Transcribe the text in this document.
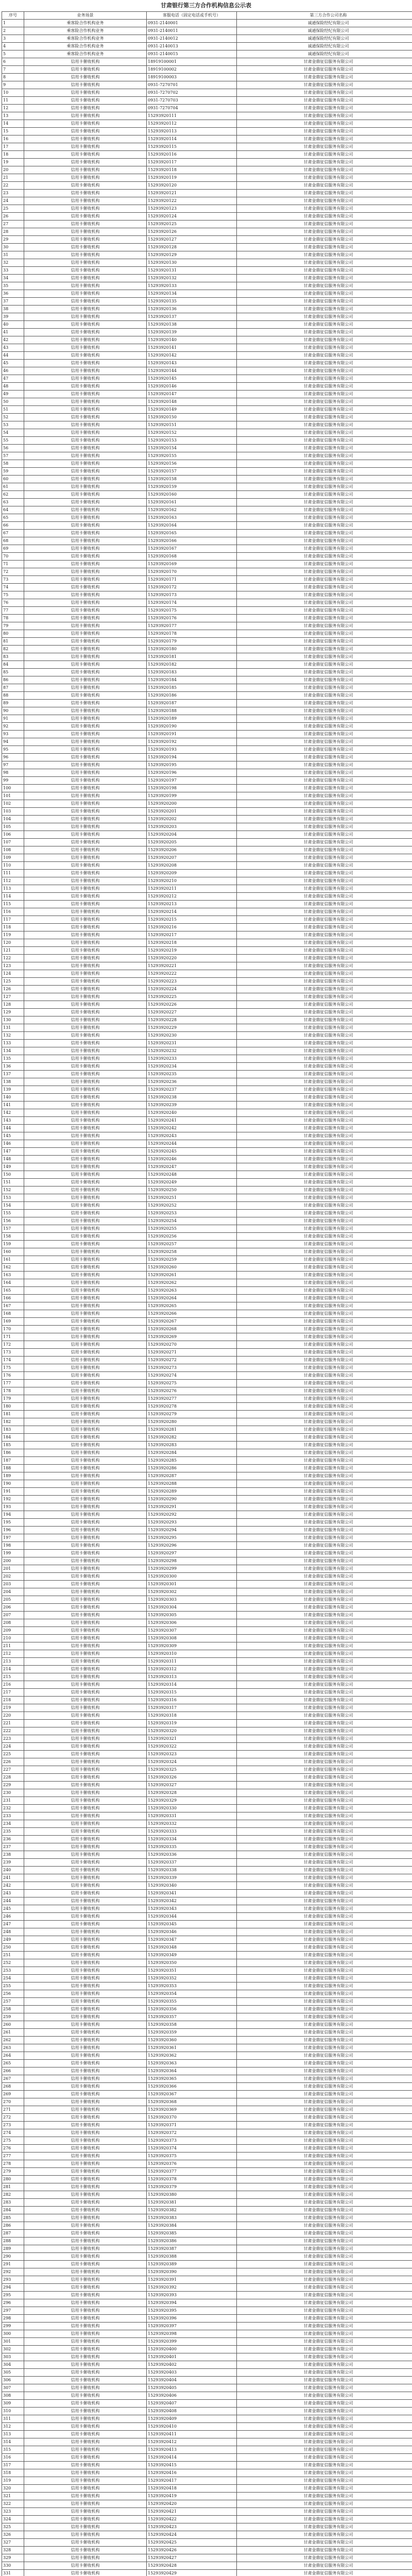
甘肃银行第三方合作机构信息公示表
序号	业务场景	客服电话（固定电话或手机号）	第三方合作公司名称
1	乘客险合作机构业务	0931-2140001	诚通保险经纪有限公司
2	乘客险合作机构业务	0931-2140011	诚通保险经纪有限公司
3	乘客险合作机构业务	0931-2140012	诚通保险经纪有限公司
4	乘客险合作机构业务	0931-2140013	诚通保险经纪有限公司
5	乘客险合作机构业务	0931-2140015	诚通保险经纪有限公司
6	信用卡催收机构	18919100001	甘肃金鼎征信服务有限公司
7	信用卡催收机构	18919100002	甘肃金鼎征信服务有限公司
8	信用卡催收机构	18919100003	甘肃金鼎征信服务有限公司
9	信用卡催收机构	0931-7270701	甘肃金鼎征信服务有限公司
10	信用卡催收机构	0931-7270702	甘肃金鼎征信服务有限公司
11	信用卡催收机构	0931-7270703	甘肃金鼎征信服务有限公司
12	信用卡催收机构	0931-7270704	甘肃金鼎征信服务有限公司
13	信用卡催收机构	15293920111	甘肃金鼎征信服务有限公司
14	信用卡催收机构	15293920112	甘肃金鼎征信服务有限公司
15	信用卡催收机构	15293920113	甘肃金鼎征信服务有限公司
16	信用卡催收机构	15293920114	甘肃金鼎征信服务有限公司
17	信用卡催收机构	15293920115	甘肃金鼎征信服务有限公司
18	信用卡催收机构	15293920116	甘肃金鼎征信服务有限公司
19	信用卡催收机构	15293920117	甘肃金鼎征信服务有限公司
20	信用卡催收机构	15293920118	甘肃金鼎征信服务有限公司
21	信用卡催收机构	15293920119	甘肃金鼎征信服务有限公司
22	信用卡催收机构	15293920120	甘肃金鼎征信服务有限公司
23	信用卡催收机构	15293920121	甘肃金鼎征信服务有限公司
24	信用卡催收机构	15293920122	甘肃金鼎征信服务有限公司
25	信用卡催收机构	15293920123	甘肃金鼎征信服务有限公司
26	信用卡催收机构	15293920124	甘肃金鼎征信服务有限公司
27	信用卡催收机构	15293920125	甘肃金鼎征信服务有限公司
28	信用卡催收机构	15293920126	甘肃金鼎征信服务有限公司
29	信用卡催收机构	15293920127	甘肃金鼎征信服务有限公司
30	信用卡催收机构	15293920128	甘肃金鼎征信服务有限公司
31	信用卡催收机构	15293920129	甘肃金鼎征信服务有限公司
32	信用卡催收机构	15293920130	甘肃金鼎征信服务有限公司
33	信用卡催收机构	15293920131	甘肃金鼎征信服务有限公司
34	信用卡催收机构	15293920132	甘肃金鼎征信服务有限公司
35	信用卡催收机构	15293920133	甘肃金鼎征信服务有限公司
36	信用卡催收机构	15293920134	甘肃金鼎征信服务有限公司
37	信用卡催收机构	15293920135	甘肃金鼎征信服务有限公司
38	信用卡催收机构	15293920136	甘肃金鼎征信服务有限公司
39	信用卡催收机构	15293920137	甘肃金鼎征信服务有限公司
40	信用卡催收机构	15293920138	甘肃金鼎征信服务有限公司
41	信用卡催收机构	15293920139	甘肃金鼎征信服务有限公司
42	信用卡催收机构	15293920140	甘肃金鼎征信服务有限公司
43	信用卡催收机构	15293920141	甘肃金鼎征信服务有限公司
44	信用卡催收机构	15293920142	甘肃金鼎征信服务有限公司
45	信用卡催收机构	15293920143	甘肃金鼎征信服务有限公司
46	信用卡催收机构	15293920144	甘肃金鼎征信服务有限公司
47	信用卡催收机构	15293920145	甘肃金鼎征信服务有限公司
48	信用卡催收机构	15293920146	甘肃金鼎征信服务有限公司
49	信用卡催收机构	15293920147	甘肃金鼎征信服务有限公司
50	信用卡催收机构	15293920148	甘肃金鼎征信服务有限公司
51	信用卡催收机构	15293920149	甘肃金鼎征信服务有限公司
52	信用卡催收机构	15293920150	甘肃金鼎征信服务有限公司
53	信用卡催收机构	15293920151	甘肃金鼎征信服务有限公司
54	信用卡催收机构	15293920152	甘肃金鼎征信服务有限公司
55	信用卡催收机构	15293920153	甘肃金鼎征信服务有限公司
56	信用卡催收机构	15293920154	甘肃金鼎征信服务有限公司
57	信用卡催收机构	15293920155	甘肃金鼎征信服务有限公司
58	信用卡催收机构	15293920156	甘肃金鼎征信服务有限公司
59	信用卡催收机构	15293920157	甘肃金鼎征信服务有限公司
60	信用卡催收机构	15293920158	甘肃金鼎征信服务有限公司
61	信用卡催收机构	15293920159	甘肃金鼎征信服务有限公司
62	信用卡催收机构	15293920160	甘肃金鼎征信服务有限公司
63	信用卡催收机构	15293920161	甘肃金鼎征信服务有限公司
64	信用卡催收机构	15293920162	甘肃金鼎征信服务有限公司
65	信用卡催收机构	15293920163	甘肃金鼎征信服务有限公司
66	信用卡催收机构	15293920164	甘肃金鼎征信服务有限公司
67	信用卡催收机构	15293920165	甘肃金鼎征信服务有限公司
68	信用卡催收机构	15293920166	甘肃金鼎征信服务有限公司
69	信用卡催收机构	15293920167	甘肃金鼎征信服务有限公司
70	信用卡催收机构	15293920168	甘肃金鼎征信服务有限公司
71	信用卡催收机构	15293920169	甘肃金鼎征信服务有限公司
72	信用卡催收机构	15293920170	甘肃金鼎征信服务有限公司
73	信用卡催收机构	15293920171	甘肃金鼎征信服务有限公司
74	信用卡催收机构	15293920172	甘肃金鼎征信服务有限公司
75	信用卡催收机构	15293920173	甘肃金鼎征信服务有限公司
76	信用卡催收机构	15293920174	甘肃金鼎征信服务有限公司
77	信用卡催收机构	15293920175	甘肃金鼎征信服务有限公司
78	信用卡催收机构	15293920176	甘肃金鼎征信服务有限公司
79	信用卡催收机构	15293920177	甘肃金鼎征信服务有限公司
80	信用卡催收机构	15293920178	甘肃金鼎征信服务有限公司
81	信用卡催收机构	15293920179	甘肃金鼎征信服务有限公司
82	信用卡催收机构	15293920180	甘肃金鼎征信服务有限公司
83	信用卡催收机构	15293920181	甘肃金鼎征信服务有限公司
84	信用卡催收机构	15293920182	甘肃金鼎征信服务有限公司
85	信用卡催收机构	15293920183	甘肃金鼎征信服务有限公司
86	信用卡催收机构	15293920184	甘肃金鼎征信服务有限公司
87	信用卡催收机构	15293920185	甘肃金鼎征信服务有限公司
88	信用卡催收机构	15293920186	甘肃金鼎征信服务有限公司
89	信用卡催收机构	15293920187	甘肃金鼎征信服务有限公司
90	信用卡催收机构	15293920188	甘肃金鼎征信服务有限公司
91	信用卡催收机构	15293920189	甘肃金鼎征信服务有限公司
92	信用卡催收机构	15293920190	甘肃金鼎征信服务有限公司
93	信用卡催收机构	15293920191	甘肃金鼎征信服务有限公司
94	信用卡催收机构	15293920192	甘肃金鼎征信服务有限公司
95	信用卡催收机构	15293920193	甘肃金鼎征信服务有限公司
96	信用卡催收机构	15293920194	甘肃金鼎征信服务有限公司
97	信用卡催收机构	15293920195	甘肃金鼎征信服务有限公司
98	信用卡催收机构	15293920196	甘肃金鼎征信服务有限公司
99	信用卡催收机构	15293920197	甘肃金鼎征信服务有限公司
100	信用卡催收机构	15293920198	甘肃金鼎征信服务有限公司
101	信用卡催收机构	15293920199	甘肃金鼎征信服务有限公司
102	信用卡催收机构	15293920200	甘肃金鼎征信服务有限公司
103	信用卡催收机构	15293920201	甘肃金鼎征信服务有限公司
104	信用卡催收机构	15293920202	甘肃金鼎征信服务有限公司
105	信用卡催收机构	15293920203	甘肃金鼎征信服务有限公司
106	信用卡催收机构	15293920204	甘肃金鼎征信服务有限公司
107	信用卡催收机构	15293920205	甘肃金鼎征信服务有限公司
108	信用卡催收机构	15293920206	甘肃金鼎征信服务有限公司
109	信用卡催收机构	15293920207	甘肃金鼎征信服务有限公司
110	信用卡催收机构	15293920208	甘肃金鼎征信服务有限公司
111	信用卡催收机构	15293920209	甘肃金鼎征信服务有限公司
112	信用卡催收机构	15293920210	甘肃金鼎征信服务有限公司
113	信用卡催收机构	15293920211	甘肃金鼎征信服务有限公司
114	信用卡催收机构	15293920212	甘肃金鼎征信服务有限公司
115	信用卡催收机构	15293920213	甘肃金鼎征信服务有限公司
116	信用卡催收机构	15293920214	甘肃金鼎征信服务有限公司
117	信用卡催收机构	15293920215	甘肃金鼎征信服务有限公司
118	信用卡催收机构	15293920216	甘肃金鼎征信服务有限公司
119	信用卡催收机构	15293920217	甘肃金鼎征信服务有限公司
120	信用卡催收机构	15293920218	甘肃金鼎征信服务有限公司
121	信用卡催收机构	15293920219	甘肃金鼎征信服务有限公司
122	信用卡催收机构	15293920220	甘肃金鼎征信服务有限公司
123	信用卡催收机构	15293920221	甘肃金鼎征信服务有限公司
124	信用卡催收机构	15293920222	甘肃金鼎征信服务有限公司
125	信用卡催收机构	15293920223	甘肃金鼎征信服务有限公司
126	信用卡催收机构	15293920224	甘肃金鼎征信服务有限公司
127	信用卡催收机构	15293920225	甘肃金鼎征信服务有限公司
128	信用卡催收机构	15293920226	甘肃金鼎征信服务有限公司
129	信用卡催收机构	15293920227	甘肃金鼎征信服务有限公司
130	信用卡催收机构	15293920228	甘肃金鼎征信服务有限公司
131	信用卡催收机构	15293920229	甘肃金鼎征信服务有限公司
132	信用卡催收机构	15293920230	甘肃金鼎征信服务有限公司
133	信用卡催收机构	15293920231	甘肃金鼎征信服务有限公司
134	信用卡催收机构	15293920232	甘肃金鼎征信服务有限公司
135	信用卡催收机构	15293920233	甘肃金鼎征信服务有限公司
136	信用卡催收机构	15293920234	甘肃金鼎征信服务有限公司
137	信用卡催收机构	15293920235	甘肃金鼎征信服务有限公司
138	信用卡催收机构	15293920236	甘肃金鼎征信服务有限公司
139	信用卡催收机构	15293920237	甘肃金鼎征信服务有限公司
140	信用卡催收机构	15293920238	甘肃金鼎征信服务有限公司
141	信用卡催收机构	15293920239	甘肃金鼎征信服务有限公司
142	信用卡催收机构	15293920240	甘肃金鼎征信服务有限公司
143	信用卡催收机构	15293920241	甘肃金鼎征信服务有限公司
144	信用卡催收机构	15293920242	甘肃金鼎征信服务有限公司
145	信用卡催收机构	15293920243	甘肃金鼎征信服务有限公司
146	信用卡催收机构	15293920244	甘肃金鼎征信服务有限公司
147	信用卡催收机构	15293920245	甘肃金鼎征信服务有限公司
148	信用卡催收机构	15293920246	甘肃金鼎征信服务有限公司
149	信用卡催收机构	15293920247	甘肃金鼎征信服务有限公司
150	信用卡催收机构	15293920248	甘肃金鼎征信服务有限公司
151	信用卡催收机构	15293920249	甘肃金鼎征信服务有限公司
152	信用卡催收机构	15293920250	甘肃金鼎征信服务有限公司
153	信用卡催收机构	15293920251	甘肃金鼎征信服务有限公司
154	信用卡催收机构	15293920252	甘肃金鼎征信服务有限公司
155	信用卡催收机构	15293920253	甘肃金鼎征信服务有限公司
156	信用卡催收机构	15293920254	甘肃金鼎征信服务有限公司
157	信用卡催收机构	15293920255	甘肃金鼎征信服务有限公司
158	信用卡催收机构	15293920256	甘肃金鼎征信服务有限公司
159	信用卡催收机构	15293920257	甘肃金鼎征信服务有限公司
160	信用卡催收机构	15293920258	甘肃金鼎征信服务有限公司
161	信用卡催收机构	15293920259	甘肃金鼎征信服务有限公司
162	信用卡催收机构	15293920260	甘肃金鼎征信服务有限公司
163	信用卡催收机构	15293920261	甘肃金鼎征信服务有限公司
164	信用卡催收机构	15293920262	甘肃金鼎征信服务有限公司
165	信用卡催收机构	15293920263	甘肃金鼎征信服务有限公司
166	信用卡催收机构	15293920264	甘肃金鼎征信服务有限公司
167	信用卡催收机构	15293920265	甘肃金鼎征信服务有限公司
168	信用卡催收机构	15293920266	甘肃金鼎征信服务有限公司
169	信用卡催收机构	15293920267	甘肃金鼎征信服务有限公司
170	信用卡催收机构	15293920268	甘肃金鼎征信服务有限公司
171	信用卡催收机构	15293920269	甘肃金鼎征信服务有限公司
172	信用卡催收机构	15293920270	甘肃金鼎征信服务有限公司
173	信用卡催收机构	15293920271	甘肃金鼎征信服务有限公司
174	信用卡催收机构	15293920272	甘肃金鼎征信服务有限公司
175	信用卡催收机构	15293920273	甘肃金鼎征信服务有限公司
176	信用卡催收机构	15293920274	甘肃金鼎征信服务有限公司
177	信用卡催收机构	15293920275	甘肃金鼎征信服务有限公司
178	信用卡催收机构	15293920276	甘肃金鼎征信服务有限公司
179	信用卡催收机构	15293920277	甘肃金鼎征信服务有限公司
180	信用卡催收机构	15293920278	甘肃金鼎征信服务有限公司
181	信用卡催收机构	15293920279	甘肃金鼎征信服务有限公司
182	信用卡催收机构	15293920280	甘肃金鼎征信服务有限公司
183	信用卡催收机构	15293920281	甘肃金鼎征信服务有限公司
184	信用卡催收机构	15293920282	甘肃金鼎征信服务有限公司
185	信用卡催收机构	15293920283	甘肃金鼎征信服务有限公司
186	信用卡催收机构	15293920284	甘肃金鼎征信服务有限公司
187	信用卡催收机构	15293920285	甘肃金鼎征信服务有限公司
188	信用卡催收机构	15293920286	甘肃金鼎征信服务有限公司
189	信用卡催收机构	15293920287	甘肃金鼎征信服务有限公司
190	信用卡催收机构	15293920288	甘肃金鼎征信服务有限公司
191	信用卡催收机构	15293920289	甘肃金鼎征信服务有限公司
192	信用卡催收机构	15293920290	甘肃金鼎征信服务有限公司
193	信用卡催收机构	15293920291	甘肃金鼎征信服务有限公司
194	信用卡催收机构	15293920292	甘肃金鼎征信服务有限公司
195	信用卡催收机构	15293920293	甘肃金鼎征信服务有限公司
196	信用卡催收机构	15293920294	甘肃金鼎征信服务有限公司
197	信用卡催收机构	15293920295	甘肃金鼎征信服务有限公司
198	信用卡催收机构	15293920296	甘肃金鼎征信服务有限公司
199	信用卡催收机构	15293920297	甘肃金鼎征信服务有限公司
200	信用卡催收机构	15293920298	甘肃金鼎征信服务有限公司
201	信用卡催收机构	15293920299	甘肃金鼎征信服务有限公司
202	信用卡催收机构	15293920300	甘肃金鼎征信服务有限公司
203	信用卡催收机构	15293920301	甘肃金鼎征信服务有限公司
204	信用卡催收机构	15293920302	甘肃金鼎征信服务有限公司
205	信用卡催收机构	15293920303	甘肃金鼎征信服务有限公司
206	信用卡催收机构	15293920304	甘肃金鼎征信服务有限公司
207	信用卡催收机构	15293920305	甘肃金鼎征信服务有限公司
208	信用卡催收机构	15293920306	甘肃金鼎征信服务有限公司
209	信用卡催收机构	15293920307	甘肃金鼎征信服务有限公司
210	信用卡催收机构	15293920308	甘肃金鼎征信服务有限公司
211	信用卡催收机构	15293920309	甘肃金鼎征信服务有限公司
212	信用卡催收机构	15293920310	甘肃金鼎征信服务有限公司
213	信用卡催收机构	15293920311	甘肃金鼎征信服务有限公司
214	信用卡催收机构	15293920312	甘肃金鼎征信服务有限公司
215	信用卡催收机构	15293920313	甘肃金鼎征信服务有限公司
216	信用卡催收机构	15293920314	甘肃金鼎征信服务有限公司
217	信用卡催收机构	15293920315	甘肃金鼎征信服务有限公司
218	信用卡催收机构	15293920316	甘肃金鼎征信服务有限公司
219	信用卡催收机构	15293920317	甘肃金鼎征信服务有限公司
220	信用卡催收机构	15293920318	甘肃金鼎征信服务有限公司
221	信用卡催收机构	15293920319	甘肃金鼎征信服务有限公司
222	信用卡催收机构	15293920320	甘肃金鼎征信服务有限公司
223	信用卡催收机构	15293920321	甘肃金鼎征信服务有限公司
224	信用卡催收机构	15293920322	甘肃金鼎征信服务有限公司
225	信用卡催收机构	15293920323	甘肃金鼎征信服务有限公司
226	信用卡催收机构	15293920324	甘肃金鼎征信服务有限公司
227	信用卡催收机构	15293920325	甘肃金鼎征信服务有限公司
228	信用卡催收机构	15293920326	甘肃金鼎征信服务有限公司
229	信用卡催收机构	15293920327	甘肃金鼎征信服务有限公司
230	信用卡催收机构	15293920328	甘肃金鼎征信服务有限公司
231	信用卡催收机构	15293920329	甘肃金鼎征信服务有限公司
232	信用卡催收机构	15293920330	甘肃金鼎征信服务有限公司
233	信用卡催收机构	15293920331	甘肃金鼎征信服务有限公司
234	信用卡催收机构	15293920332	甘肃金鼎征信服务有限公司
235	信用卡催收机构	15293920333	甘肃金鼎征信服务有限公司
236	信用卡催收机构	15293920334	甘肃金鼎征信服务有限公司
237	信用卡催收机构	15293920335	甘肃金鼎征信服务有限公司
238	信用卡催收机构	15293920336	甘肃金鼎征信服务有限公司
239	信用卡催收机构	15293920337	甘肃金鼎征信服务有限公司
240	信用卡催收机构	15293920338	甘肃金鼎征信服务有限公司
241	信用卡催收机构	15293920339	甘肃金鼎征信服务有限公司
242	信用卡催收机构	15293920340	甘肃金鼎征信服务有限公司
243	信用卡催收机构	15293920341	甘肃金鼎征信服务有限公司
244	信用卡催收机构	15293920342	甘肃金鼎征信服务有限公司
245	信用卡催收机构	15293920343	甘肃金鼎征信服务有限公司
246	信用卡催收机构	15293920344	甘肃金鼎征信服务有限公司
247	信用卡催收机构	15293920345	甘肃金鼎征信服务有限公司
248	信用卡催收机构	15293920346	甘肃金鼎征信服务有限公司
249	信用卡催收机构	15293920347	甘肃金鼎征信服务有限公司
250	信用卡催收机构	15293920348	甘肃金鼎征信服务有限公司
251	信用卡催收机构	15293920349	甘肃金鼎征信服务有限公司
252	信用卡催收机构	15293920350	甘肃金鼎征信服务有限公司
253	信用卡催收机构	15293920351	甘肃金鼎征信服务有限公司
254	信用卡催收机构	15293920352	甘肃金鼎征信服务有限公司
255	信用卡催收机构	15293920353	甘肃金鼎征信服务有限公司
256	信用卡催收机构	15293920354	甘肃金鼎征信服务有限公司
257	信用卡催收机构	15293920355	甘肃金鼎征信服务有限公司
258	信用卡催收机构	15293920356	甘肃金鼎征信服务有限公司
259	信用卡催收机构	15293920357	甘肃金鼎征信服务有限公司
260	信用卡催收机构	15293920358	甘肃金鼎征信服务有限公司
261	信用卡催收机构	15293920359	甘肃金鼎征信服务有限公司
262	信用卡催收机构	15293920360	甘肃金鼎征信服务有限公司
263	信用卡催收机构	15293920361	甘肃金鼎征信服务有限公司
264	信用卡催收机构	15293920362	甘肃金鼎征信服务有限公司
265	信用卡催收机构	15293920363	甘肃金鼎征信服务有限公司
266	信用卡催收机构	15293920364	甘肃金鼎征信服务有限公司
267	信用卡催收机构	15293920365	甘肃金鼎征信服务有限公司
268	信用卡催收机构	15293920366	甘肃金鼎征信服务有限公司
269	信用卡催收机构	15293920367	甘肃金鼎征信服务有限公司
270	信用卡催收机构	15293920368	甘肃金鼎征信服务有限公司
271	信用卡催收机构	15293920369	甘肃金鼎征信服务有限公司
272	信用卡催收机构	15293920370	甘肃金鼎征信服务有限公司
273	信用卡催收机构	15293920371	甘肃金鼎征信服务有限公司
274	信用卡催收机构	15293920372	甘肃金鼎征信服务有限公司
275	信用卡催收机构	15293920373	甘肃金鼎征信服务有限公司
276	信用卡催收机构	15293920374	甘肃金鼎征信服务有限公司
277	信用卡催收机构	15293920375	甘肃金鼎征信服务有限公司
278	信用卡催收机构	15293920376	甘肃金鼎征信服务有限公司
279	信用卡催收机构	15293920377	甘肃金鼎征信服务有限公司
280	信用卡催收机构	15293920378	甘肃金鼎征信服务有限公司
281	信用卡催收机构	15293920379	甘肃金鼎征信服务有限公司
282	信用卡催收机构	15293920380	甘肃金鼎征信服务有限公司
283	信用卡催收机构	15293920381	甘肃金鼎征信服务有限公司
284	信用卡催收机构	15293920382	甘肃金鼎征信服务有限公司
285	信用卡催收机构	15293920383	甘肃金鼎征信服务有限公司
286	信用卡催收机构	15293920384	甘肃金鼎征信服务有限公司
287	信用卡催收机构	15293920385	甘肃金鼎征信服务有限公司
288	信用卡催收机构	15293920386	甘肃金鼎征信服务有限公司
289	信用卡催收机构	15293920387	甘肃金鼎征信服务有限公司
290	信用卡催收机构	15293920388	甘肃金鼎征信服务有限公司
291	信用卡催收机构	15293920389	甘肃金鼎征信服务有限公司
292	信用卡催收机构	15293920390	甘肃金鼎征信服务有限公司
293	信用卡催收机构	15293920391	甘肃金鼎征信服务有限公司
294	信用卡催收机构	15293920392	甘肃金鼎征信服务有限公司
295	信用卡催收机构	15293920393	甘肃金鼎征信服务有限公司
296	信用卡催收机构	15293920394	甘肃金鼎征信服务有限公司
297	信用卡催收机构	15293920395	甘肃金鼎征信服务有限公司
298	信用卡催收机构	15293920396	甘肃金鼎征信服务有限公司
299	信用卡催收机构	15293920397	甘肃金鼎征信服务有限公司
300	信用卡催收机构	15293920398	甘肃金鼎征信服务有限公司
301	信用卡催收机构	15293920399	甘肃金鼎征信服务有限公司
302	信用卡催收机构	15293920400	甘肃金鼎征信服务有限公司
303	信用卡催收机构	15293920401	甘肃金鼎征信服务有限公司
304	信用卡催收机构	15293920402	甘肃金鼎征信服务有限公司
305	信用卡催收机构	15293920403	甘肃金鼎征信服务有限公司
306	信用卡催收机构	15293920404	甘肃金鼎征信服务有限公司
307	信用卡催收机构	15293920405	甘肃金鼎征信服务有限公司
308	信用卡催收机构	15293920406	甘肃金鼎征信服务有限公司
309	信用卡催收机构	15293920407	甘肃金鼎征信服务有限公司
310	信用卡催收机构	15293920408	甘肃金鼎征信服务有限公司
311	信用卡催收机构	15293920409	甘肃金鼎征信服务有限公司
312	信用卡催收机构	15293920410	甘肃金鼎征信服务有限公司
313	信用卡催收机构	15293920411	甘肃金鼎征信服务有限公司
314	信用卡催收机构	15293920412	甘肃金鼎征信服务有限公司
315	信用卡催收机构	15293920413	甘肃金鼎征信服务有限公司
316	信用卡催收机构	15293920414	甘肃金鼎征信服务有限公司
317	信用卡催收机构	15293920415	甘肃金鼎征信服务有限公司
318	信用卡催收机构	15293920416	甘肃金鼎征信服务有限公司
319	信用卡催收机构	15293920417	甘肃金鼎征信服务有限公司
320	信用卡催收机构	15293920418	甘肃金鼎征信服务有限公司
321	信用卡催收机构	15293920419	甘肃金鼎征信服务有限公司
322	信用卡催收机构	15293920420	甘肃金鼎征信服务有限公司
323	信用卡催收机构	15293920421	甘肃金鼎征信服务有限公司
324	信用卡催收机构	15293920422	甘肃金鼎征信服务有限公司
325	信用卡催收机构	15293920423	甘肃金鼎征信服务有限公司
326	信用卡催收机构	15293920424	甘肃金鼎征信服务有限公司
327	信用卡催收机构	15293920425	甘肃金鼎征信服务有限公司
328	信用卡催收机构	15293920426	甘肃金鼎征信服务有限公司
329	信用卡催收机构	15293920427	甘肃金鼎征信服务有限公司
330	信用卡催收机构	15293920428	甘肃金鼎征信服务有限公司
331	信用卡催收机构	15293920429	甘肃金鼎征信服务有限公司
